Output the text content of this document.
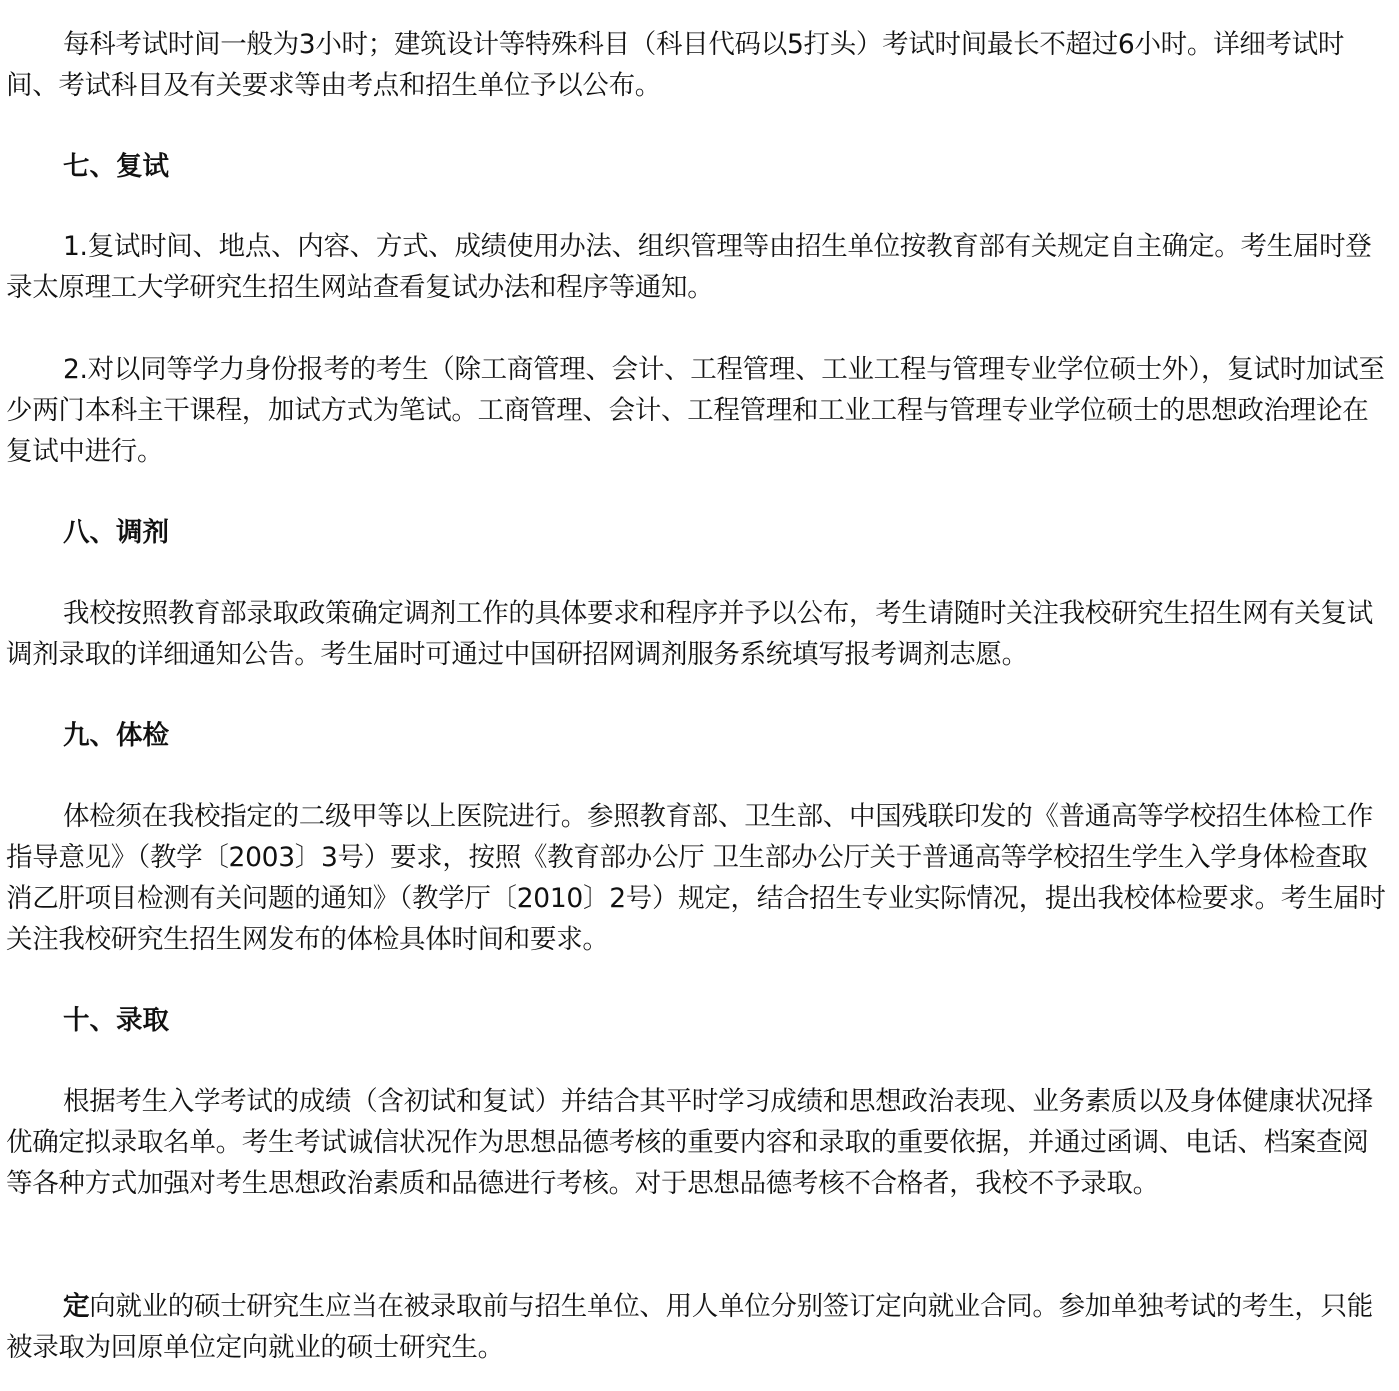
每科考试时间一般为3小时；建筑设计等特殊科目（科目代码以5打头）考试时间最长不超过6小时。详细考试时间、考试科目及有关要求等由考点和招生单位予以公布。

七、复试

1.复试时间、地点、内容、方式、成绩使用办法、组织管理等由招生单位按教育部有关规定自主确定。考生届时登录太原理工大学研究生招生网站查看复试办法和程序等通知。

2.对以同等学力身份报考的考生（除工商管理、会计、工程管理、工业工程与管理专业学位硕士外），复试时加试至少两门本科主干课程，加试方式为笔试。工商管理、会计、工程管理和工业工程与管理专业学位硕士的思想政治理论在复试中进行。

八、调剂

我校按照教育部录取政策确定调剂工作的具体要求和程序并予以公布，考生请随时关注我校研究生招生网有关复试调剂录取的详细通知公告。考生届时可通过中国研招网调剂服务系统填写报考调剂志愿。

九、体检

体检须在我校指定的二级甲等以上医院进行。参照教育部、卫生部、中国残联印发的《普通高等学校招生体检工作指导意见》（教学〔2003〕3号）要求，按照《教育部办公厅 卫生部办公厅关于普通高等学校招生学生入学身体检查取消乙肝项目检测有关问题的通知》（教学厅〔2010〕2号）规定，结合招生专业实际情况，提出我校体检要求。考生届时关注我校研究生招生网发布的体检具体时间和要求。

十、录取

根据考生入学考试的成绩（含初试和复试）并结合其平时学习成绩和思想政治表现、业务素质以及身体健康状况择优确定拟录取名单。考生考试诚信状况作为思想品德考核的重要内容和录取的重要依据，并通过函调、电话、档案查阅等各种方式加强对考生思想政治素质和品德进行考核。对于思想品德考核不合格者，我校不予录取。

定向就业的硕士研究生应当在被录取前与招生单位、用人单位分别签订定向就业合同。参加单独考试的考生，只能被录取为回原单位定向就业的硕士研究生。
